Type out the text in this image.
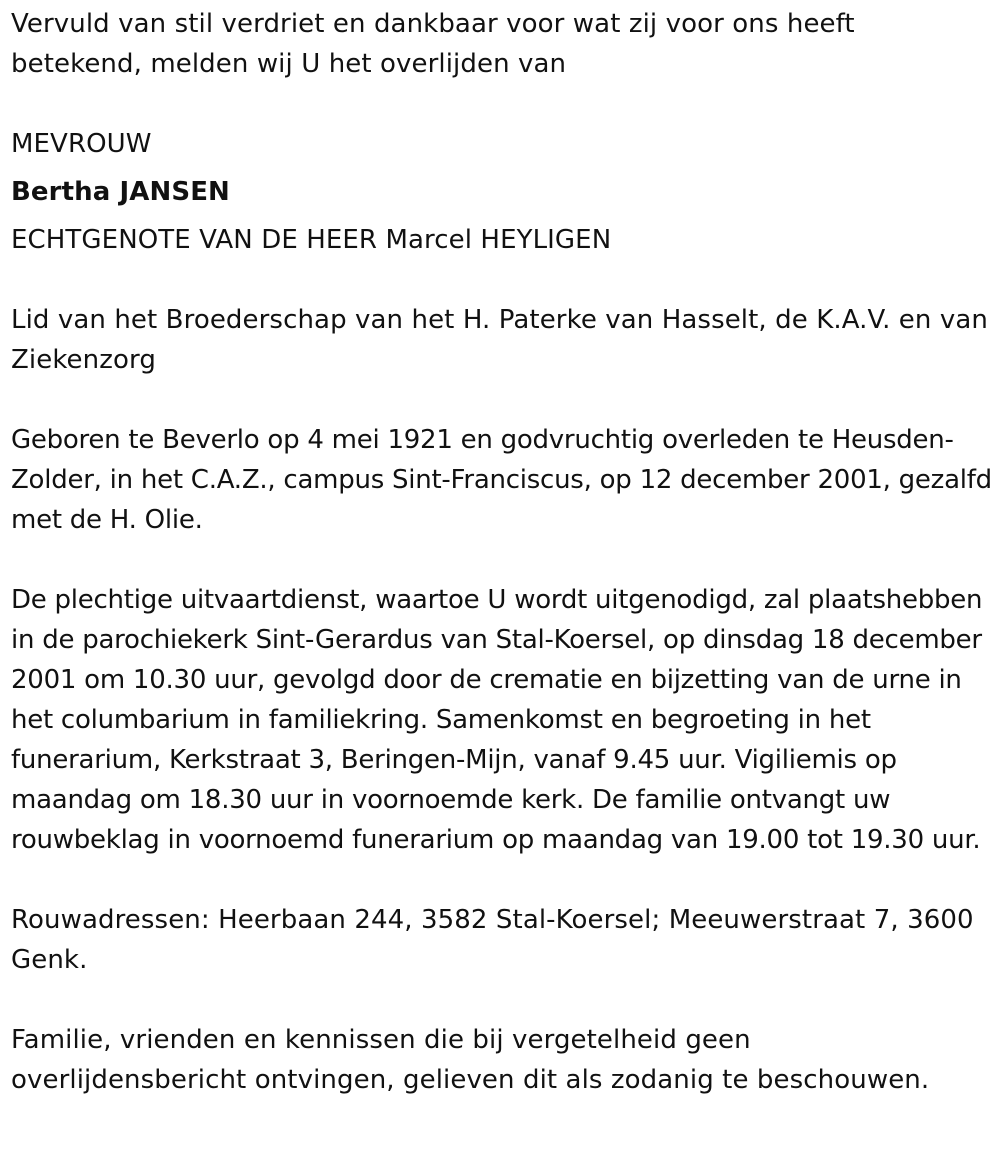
Vervuld van stil verdriet en dankbaar voor wat zij voor ons heeft betekend, melden wij U het overlijden van

MEVROUW

Bertha JANSEN

ECHTGENOTE VAN DE HEER Marcel HEYLIGEN

Lid van het Broederschap van het H. Paterke van Hasselt, de K.A.V. en van Ziekenzorg

Geboren te Beverlo op 4 mei 1921 en godvruchtig overleden te Heusden-Zolder, in het C.A.Z., campus Sint-Franciscus, op 12 december 2001, gezalfd met de H. Olie.

De plechtige uitvaartdienst, waartoe U wordt uitgenodigd, zal plaatshebben in de parochiekerk Sint-Gerardus van Stal-Koersel, op dinsdag 18 december 2001 om 10.30 uur, gevolgd door de crematie en bijzetting van de urne in het columbarium in familiekring. Samenkomst en begroeting in het funerarium, Kerkstraat 3, Beringen-Mijn, vanaf 9.45 uur. Vigiliemis op maandag om 18.30 uur in voornoemde kerk. De familie ontvangt uw rouwbeklag in voornoemd funerarium op maandag van 19.00 tot 19.30 uur.

Rouwadressen: Heerbaan 244, 3582 Stal-Koersel; Meeuwerstraat 7, 3600 Genk.

Familie, vrienden en kennissen die bij vergetelheid geen overlijdensbericht ontvingen, gelieven dit als zodanig te beschouwen.
